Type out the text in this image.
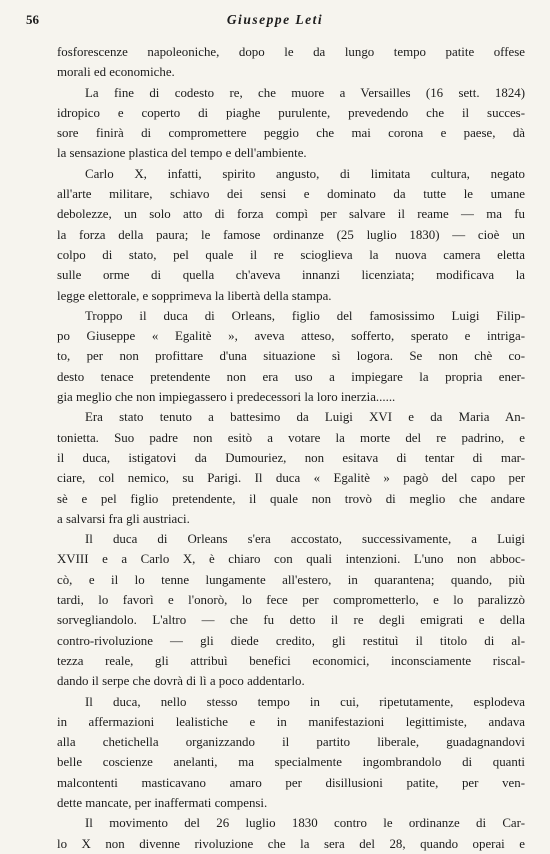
56	Giuseppe Leti
fosforescenze napoleoniche, dopo le da lungo tempo patite offese
morali ed economiche.
La fine di codesto re, che muore a Versailles (16 sett. 1824)
idropico e coperto di piaghe purulente, prevedendo che il succes-
sore finirà di compromettere peggio che mai corona e paese, dà
la sensazione plastica del tempo e dell'ambiente.
Carlo X, infatti, spirito angusto, di limitata cultura, negato
all'arte militare, schiavo dei sensi e dominato da tutte le umane
debolezze, un solo atto di forza compì per salvare il reame — ma fu
la forza della paura; le famose ordinanze (25 luglio 1830) — cioè un
colpo di stato, pel quale il re scioglieva la nuova camera eletta
sulle orme di quella ch'aveva innanzi licenziata; modificava la
legge elettorale, e sopprimeva la libertà della stampa.
Troppo il duca di Orleans, figlio del famosissimo Luigi Filip-
po Giuseppe « Egalitè », aveva atteso, sofferto, sperato e intriga-
to, per non profittare d'una situazione sì logora. Se non chè co-
desto tenace pretendente non era uso a impiegare la propria ener-
gia meglio che non impiegassero i predecessori la loro inerzia......
Era stato tenuto a battesimo da Luigi XVI e da Maria An-
tonietta. Suo padre non esitò a votare la morte del re padrino, e
il duca, istigatovi da Dumouriez, non esitava di tentar di mar-
ciare, col nemico, su Parigi. Il duca « Egalitè » pagò del capo per
sè e pel figlio pretendente, il quale non trovò di meglio che andare
a salvarsi fra gli austriaci.
Il duca di Orleans s'era accostato, successivamente, a Luigi
XVIII e a Carlo X, è chiaro con quali intenzioni. L'uno non abboc-
cò, e il lo tenne lungamente all'estero, in quarantena; quando, più
tardi, lo favorì e l'onorò, lo fece per comprometterlo, e lo paralizzò
sorvegliandolo. L'altro — che fu detto il re degli emigrati e della
contro-rivoluzione — gli diede credito, gli restituì il titolo di al-
tezza reale, gli attribuì benefici economici, inconsciamente riscal-
dando il serpe che dovrà di lì a poco addentarlo.
Il duca, nello stesso tempo in cui, ripetutamente, esplodeva
in affermazioni lealistiche e in manifestazioni legittimiste, andava
alla chetichella organizzando il partito liberale, guadagnandovi
belle coscienze anelanti, ma specialmente ingombrandolo di quanti
malcontenti masticavano amaro per disillusioni patite, per ven-
dette mancate, per inaffermati compensi.
Il movimento del 26 luglio 1830 contro le ordinanze di Car-
lo X non divenne rivoluzione che la sera del 28, quando operai e
